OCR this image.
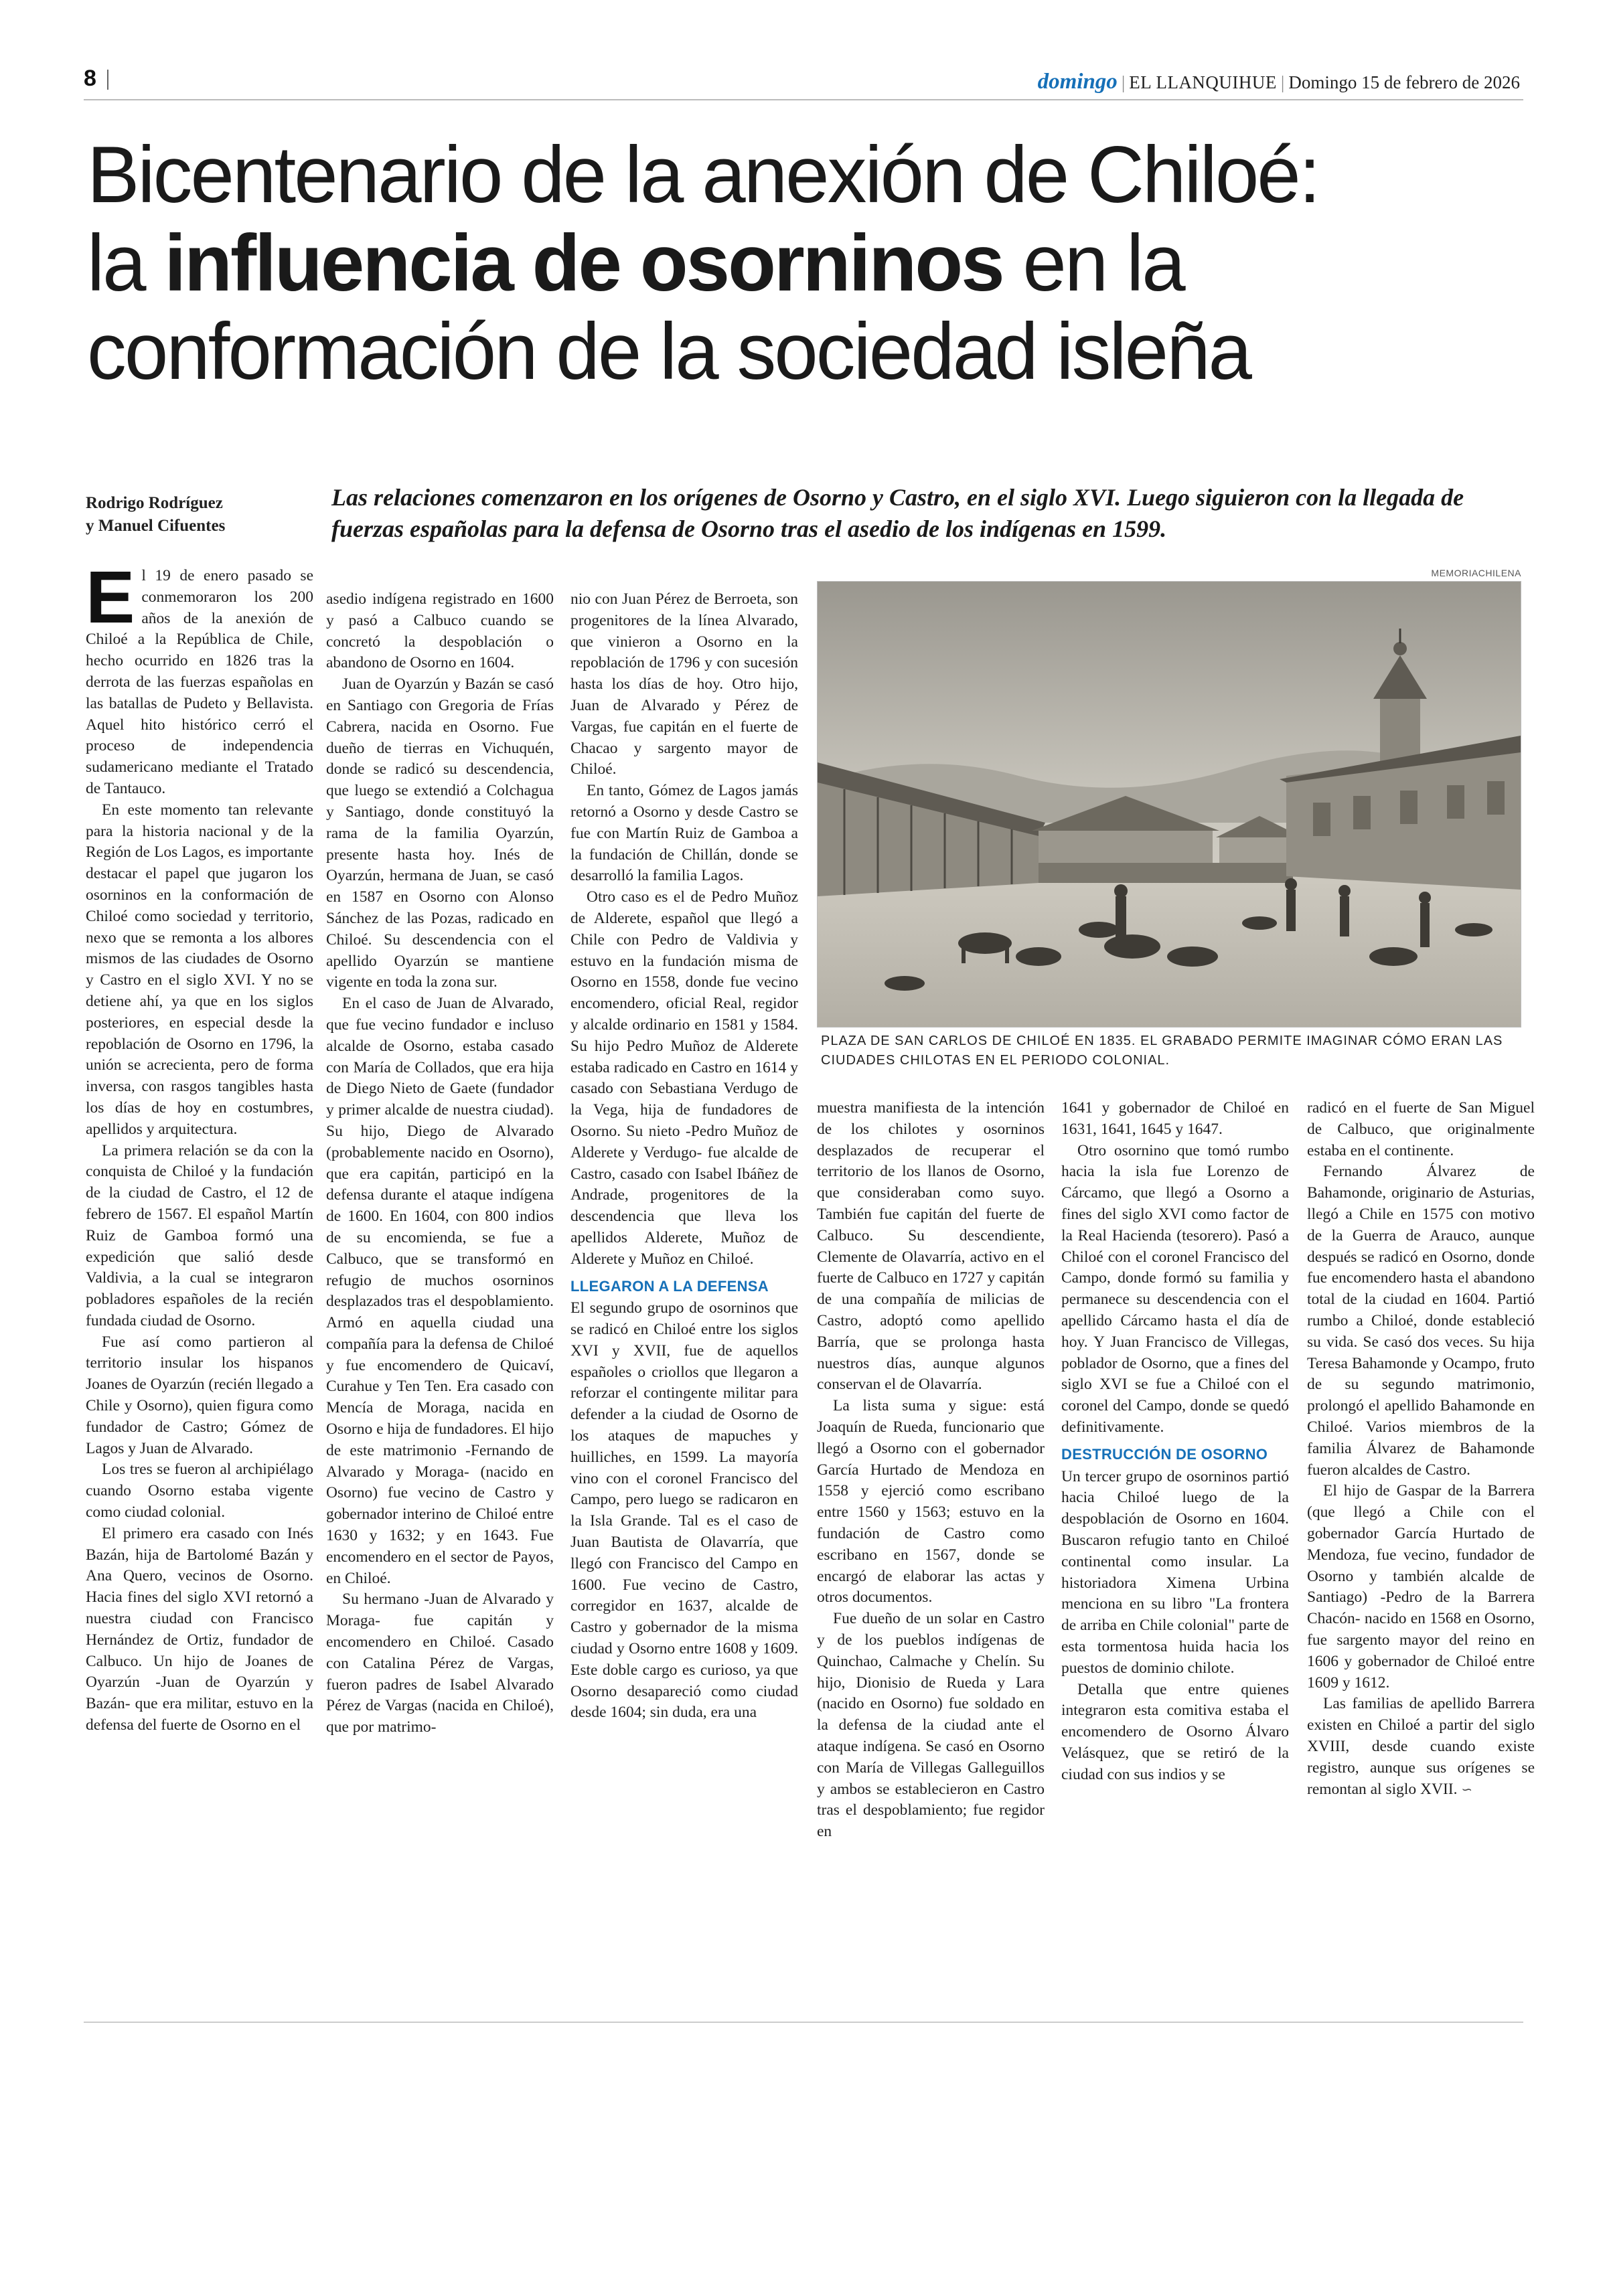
8	domingo | EL LLANQUIHUE | Domingo 15 de febrero de 2026
Bicentenario de la anexión de Chiloé:
la influencia de osorninos en la
conformación de la sociedad isleña
Rodrigo Rodríguez
y Manuel Cifuentes
Las relaciones comenzaron en los orígenes de Osorno y Castro, en el siglo XVI. Luego siguieron con la llegada de fuerzas españolas para la defensa de Osorno tras el asedio de los indígenas en 1599.

El 19 de enero pasado se conmemoraron los 200 años de la anexión de Chiloé a la República de Chile, hecho ocurrido en 1826 tras la derrota de las fuerzas españolas en las batallas de Pudeto y Bellavista. Aquel hito histórico cerró el proceso de independencia sudamericano mediante el Tratado de Tantauco.

En este momento tan relevante para la historia nacional y de la Región de Los Lagos, es importante destacar el papel que jugaron los osorninos en la conformación de Chiloé como sociedad y territorio, nexo que se remonta a los albores mismos de las ciudades de Osorno y Castro en el siglo XVI. Y no se detiene ahí, ya que en los siglos posteriores, en especial desde la repoblación de Osorno en 1796, la unión se acrecienta, pero de forma inversa, con rasgos tangibles hasta los días de hoy en costumbres, apellidos y arquitectura.

La primera relación se da con la conquista de Chiloé y la fundación de la ciudad de Castro, el 12 de febrero de 1567. El español Martín Ruiz de Gamboa formó una expedición que salió desde Valdivia, a la cual se integraron pobladores españoles de la recién fundada ciudad de Osorno.

Fue así como partieron al territorio insular los hispanos Joanes de Oyarzún (recién llegado a Chile y Osorno), quien figura como fundador de Castro; Gómez de Lagos y Juan de Alvarado.

Los tres se fueron al archipiélago cuando Osorno estaba vigente como ciudad colonial.

El primero era casado con Inés Bazán, hija de Bartolomé Bazán y Ana Quero, vecinos de Osorno. Hacia fines del siglo XVI retornó a nuestra ciudad con Francisco Hernández de Ortiz, fundador de Calbuco. Un hijo de Joanes de Oyarzún -Juan de Oyarzún y Bazán- que era militar, estuvo en la defensa del fuerte de Osorno en el

asedio indígena registrado en 1600 y pasó a Calbuco cuando se concretó la despoblación o abandono de Osorno en 1604.

Juan de Oyarzún y Bazán se casó en Santiago con Gregoria de Frías Cabrera, nacida en Osorno. Fue dueño de tierras en Vichuquén, donde se radicó su descendencia, que luego se extendió a Colchagua y Santiago, donde constituyó la rama de la familia Oyarzún, presente hasta hoy. Inés de Oyarzún, hermana de Juan, se casó en 1587 en Osorno con Alonso Sánchez de las Pozas, radicado en Chiloé. Su descendencia con el apellido Oyarzún se mantiene vigente en toda la zona sur.

En el caso de Juan de Alvarado, que fue vecino fundador e incluso alcalde de Osorno, estaba casado con María de Collados, que era hija de Diego Nieto de Gaete (fundador y primer alcalde de nuestra ciudad). Su hijo, Diego de Alvarado (probablemente nacido en Osorno), que era capitán, participó en la defensa durante el ataque indígena de 1600. En 1604, con 800 indios de su encomienda, se fue a Calbuco, que se transformó en refugio de muchos osorninos desplazados tras el despoblamiento. Armó en aquella ciudad una compañía para la defensa de Chiloé y fue encomendero de Quicaví, Curahue y Ten Ten. Era casado con Mencía de Moraga, nacida en Osorno e hija de fundadores. El hijo de este matrimonio -Fernando de Alvarado y Moraga- (nacido en Osorno) fue vecino de Castro y gobernador interino de Chiloé entre 1630 y 1632; y en 1643. Fue encomendero en el sector de Payos, en Chiloé.

Su hermano -Juan de Alvarado y Moraga- fue capitán y encomendero en Chiloé. Casado con Catalina Pérez de Vargas, fueron padres de Isabel Alvarado Pérez de Vargas (nacida en Chiloé), que por matrimo-

nio con Juan Pérez de Berroeta, son progenitores de la línea Alvarado, que vinieron a Osorno en la repoblación de 1796 y con sucesión hasta los días de hoy. Otro hijo, Juan de Alvarado y Pérez de Vargas, fue capitán en el fuerte de Chacao y sargento mayor de Chiloé.

En tanto, Gómez de Lagos jamás retornó a Osorno y desde Castro se fue con Martín Ruiz de Gamboa a la fundación de Chillán, donde se desarrolló la familia Lagos.

Otro caso es el de Pedro Muñoz de Alderete, español que llegó a Chile con Pedro de Valdivia y estuvo en la fundación misma de Osorno en 1558, donde fue vecino encomendero, oficial Real, regidor y alcalde ordinario en 1581 y 1584. Su hijo Pedro Muñoz de Alderete estaba radicado en Castro en 1614 y casado con Sebastiana Verdugo de la Vega, hija de fundadores de Osorno. Su nieto -Pedro Muñoz de Alderete y Verdugo- fue alcalde de Castro, casado con Isabel Ibáñez de Andrade, progenitores de la descendencia que lleva los apellidos Alderete, Muñoz de Alderete y Muñoz en Chiloé.

LLEGARON A LA DEFENSA

El segundo grupo de osorninos que se radicó en Chiloé entre los siglos XVI y XVII, fue de aquellos españoles o criollos que llegaron a reforzar el contingente militar para defender a la ciudad de Osorno de los ataques de mapuches y huilliches, en 1599. La mayoría vino con el coronel Francisco del Campo, pero luego se radicaron en la Isla Grande. Tal es el caso de Juan Bautista de Olavarría, que llegó con Francisco del Campo en 1600. Fue vecino de Castro, corregidor en 1637, alcalde de Castro y gobernador de la misma ciudad y Osorno entre 1608 y 1609. Este doble cargo es curioso, ya que Osorno desapareció como ciudad desde 1604; sin duda, era una

MEMORIACHILENA
PLAZA DE SAN CARLOS DE CHILOÉ EN 1835. EL GRABADO PERMITE IMAGINAR CÓMO ERAN LAS CIUDADES CHILOTAS EN EL PERIODO COLONIAL.

muestra manifiesta de la intención de los chilotes y osorninos desplazados de recuperar el territorio de los llanos de Osorno, que consideraban como suyo. También fue capitán del fuerte de Calbuco. Su descendiente, Clemente de Olavarría, activo en el fuerte de Calbuco en 1727 y capitán de una compañía de milicias de Castro, adoptó como apellido Barría, que se prolonga hasta nuestros días, aunque algunos conservan el de Olavarría.

La lista suma y sigue: está Joaquín de Rueda, funcionario que llegó a Osorno con el gobernador García Hurtado de Mendoza en 1558 y ejerció como escribano entre 1560 y 1563; estuvo en la fundación de Castro como escribano en 1567, donde se encargó de elaborar las actas y otros documentos.

Fue dueño de un solar en Castro y de los pueblos indígenas de Quinchao, Calmache y Chelín. Su hijo, Dionisio de Rueda y Lara (nacido en Osorno) fue soldado en la defensa de la ciudad ante el ataque indígena. Se casó en Osorno con María de Villegas Galleguillos y ambos se establecieron en Castro tras el despoblamiento; fue regidor en

1641 y gobernador de Chiloé en 1631, 1641, 1645 y 1647.

Otro osornino que tomó rumbo hacia la isla fue Lorenzo de Cárcamo, que llegó a Osorno a fines del siglo XVI como factor de la Real Hacienda (tesorero). Pasó a Chiloé con el coronel Francisco del Campo, donde formó su familia y permanece su descendencia con el apellido Cárcamo hasta el día de hoy. Y Juan Francisco de Villegas, poblador de Osorno, que a fines del siglo XVI se fue a Chiloé con el coronel del Campo, donde se quedó definitivamente.

DESTRUCCIÓN DE OSORNO

Un tercer grupo de osorninos partió hacia Chiloé luego de la despoblación de Osorno en 1604. Buscaron refugio tanto en Chiloé continental como insular. La historiadora Ximena Urbina menciona en su libro "La frontera de arriba en Chile colonial" parte de esta tormentosa huida hacia los puestos de dominio chilote.

Detalla que entre quienes integraron esta comitiva estaba el encomendero de Osorno Álvaro Velásquez, que se retiró de la ciudad con sus indios y se

radicó en el fuerte de San Miguel de Calbuco, que originalmente estaba en el continente.

Fernando Álvarez de Bahamonde, originario de Asturias, llegó a Chile en 1575 con motivo de la Guerra de Arauco, aunque después se radicó en Osorno, donde fue encomendero hasta el abandono total de la ciudad en 1604. Partió rumbo a Chiloé, donde estableció su vida. Se casó dos veces. Su hija Teresa Bahamonde y Ocampo, fruto de su segundo matrimonio, prolongó el apellido Bahamonde en Chiloé. Varios miembros de la familia Álvarez de Bahamonde fueron alcaldes de Castro.

El hijo de Gaspar de la Barrera (que llegó a Chile con el gobernador García Hurtado de Mendoza, fue vecino, fundador de Osorno y también alcalde de Santiago) -Pedro de la Barrera Chacón- nacido en 1568 en Osorno, fue sargento mayor del reino en 1606 y gobernador de Chiloé entre 1609 y 1612.

Las familias de apellido Barrera existen en Chiloé a partir del siglo XVIII, desde cuando existe registro, aunque sus orígenes se remontan al siglo XVII. ∽
